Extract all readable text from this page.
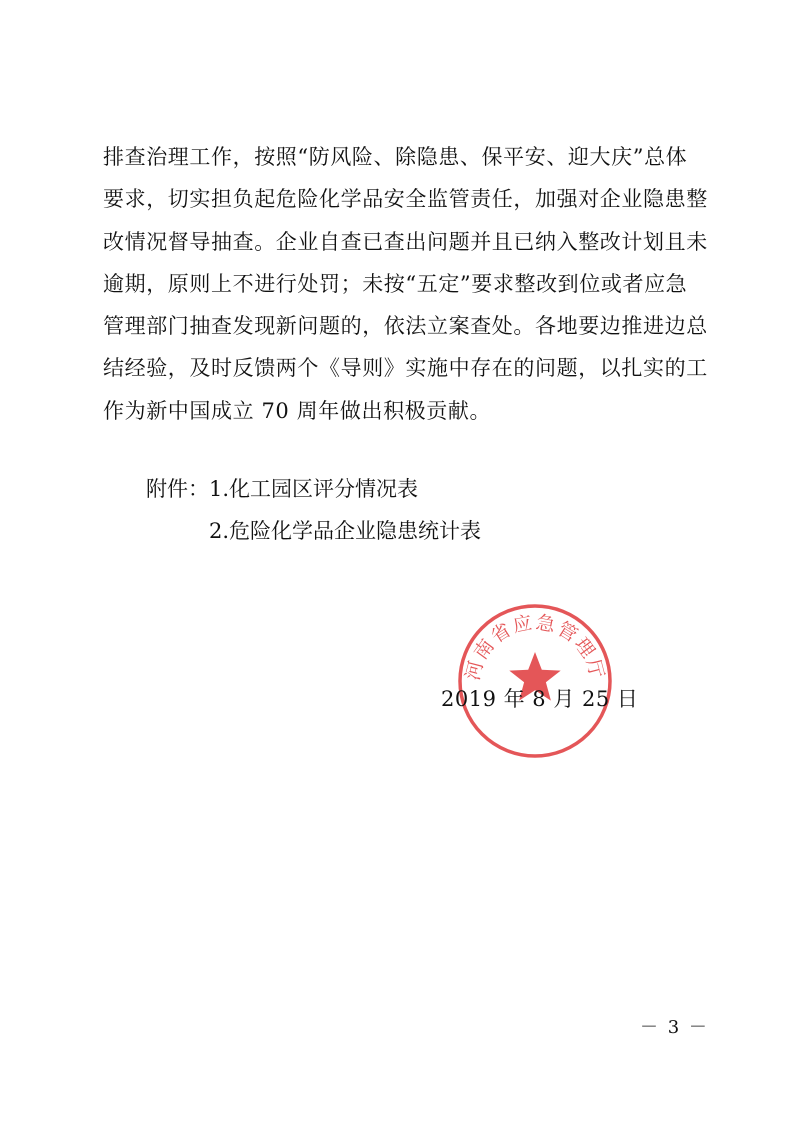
排查治理工作，按照“防风险、除隐患、保平安、迎大庆”总体
要求，切实担负起危险化学品安全监管责任，加强对企业隐患整
改情况督导抽查。企业自查已查出问题并且已纳入整改计划且未
逾期，原则上不进行处罚；未按“五定”要求整改到位或者应急
管理部门抽查发现新问题的，依法立案查处。各地要边推进边总
结经验，及时反馈两个《导则》实施中存在的问题，以扎实的工
作为新中国成立 70 周年做出积极贡献。
附件：1.化工园区评分情况表
2.危险化学品企业隐患统计表
河南省应急管理厅
2019 年 8 月 25 日
－ 3 －
